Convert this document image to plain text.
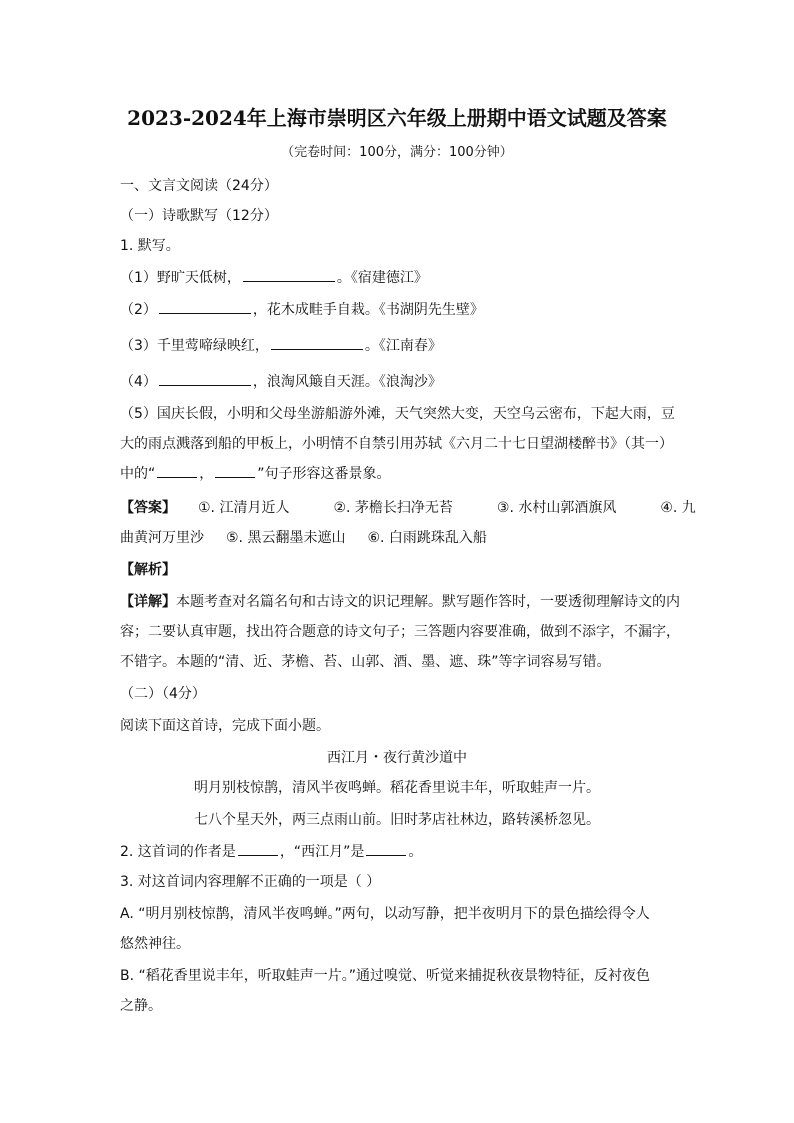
2023-2024年上海市崇明区六年级上册期中语文试题及答案
（完卷时间：100分，满分：100分钟）
一、文言文阅读（24分）
（一）诗歌默写（12分）
1. 默写。
（1）野旷天低树，	。《宿建德江》
（2）	，花木成畦手自栽。《书湖阴先生壁》
（3）千里莺啼绿映红，	。《江南春》
（4）	，浪淘风簸自天涯。《浪淘沙》
（5）国庆长假，小明和父母坐游船游外滩，天气突然大变，天空乌云密布，下起大雨，豆
大的雨点溅落到船的甲板上，小明情不自禁引用苏轼《六月二十七日望湖楼醉书》（其一）
中的“	，	”句子形容这番景象。
【答案】 ①. 江清月近人	②. 茅檐长扫净无苔	③. 水村山郭酒旗风	④. 九
曲黄河万里沙 ⑤. 黑云翻墨未遮山 ⑥. 白雨跳珠乱入船
【解析】
【详解】本题考查对名篇名句和古诗文的识记理解。默写题作答时，一要透彻理解诗文的内
容；二要认真审题，找出符合题意的诗文句子；三答题内容要准确，做到不添字，不漏字，
不错字。本题的“清、近、茅檐、苔、山郭、酒、墨、遮、珠”等字词容易写错。
（二）（4分）
阅读下面这首诗，完成下面小题。
西江月・夜行黄沙道中
明月别枝惊鹊，清风半夜鸣蝉。稻花香里说丰年，听取蛙声一片。
七八个星天外，两三点雨山前。旧时茅店社林边，路转溪桥忽见。
2. 这首词的作者是	，“西江月”是	。
3. 对这首词内容理解不正确的一项是（ ）
A. “明月别枝惊鹊，清风半夜鸣蝉。”两句，以动写静，把半夜明月下的景色描绘得令人
悠然神往。
B. “稻花香里说丰年，听取蛙声一片。”通过嗅觉、听觉来捕捉秋夜景物特征，反衬夜色
之静。
